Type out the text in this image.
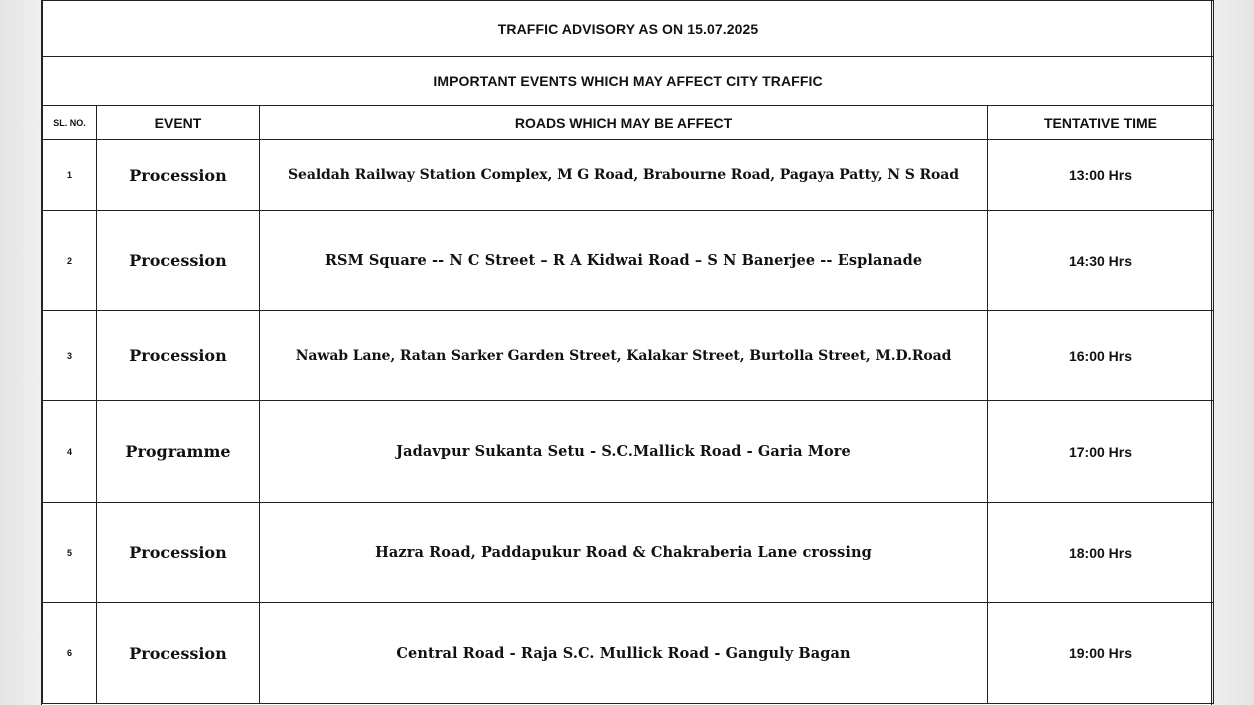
TRAFFIC ADVISORY AS ON 15.07.2025			
IMPORTANT EVENTS WHICH MAY AFFECT CITY TRAFFIC			
SL. NO.	EVENT	ROADS WHICH MAY BE AFFECT	TENTATIVE TIME
1	Procession	Sealdah Railway Station Complex, M G Road, Brabourne Road, Pagaya Patty, N S Road	13:00 Hrs
2	Procession	RSM Square -- N C Street – R A Kidwai Road – S N Banerjee -- Esplanade	14:30 Hrs
3	Procession	Nawab Lane, Ratan Sarker Garden Street, Kalakar Street, Burtolla Street, M.D.Road	16:00 Hrs
4	Programme	Jadavpur Sukanta Setu - S.C.Mallick Road - Garia More	17:00 Hrs
5	Procession	Hazra Road, Paddapukur Road & Chakraberia Lane crossing	18:00 Hrs
6	Procession	Central Road - Raja S.C. Mullick Road - Ganguly Bagan	19:00 Hrs
